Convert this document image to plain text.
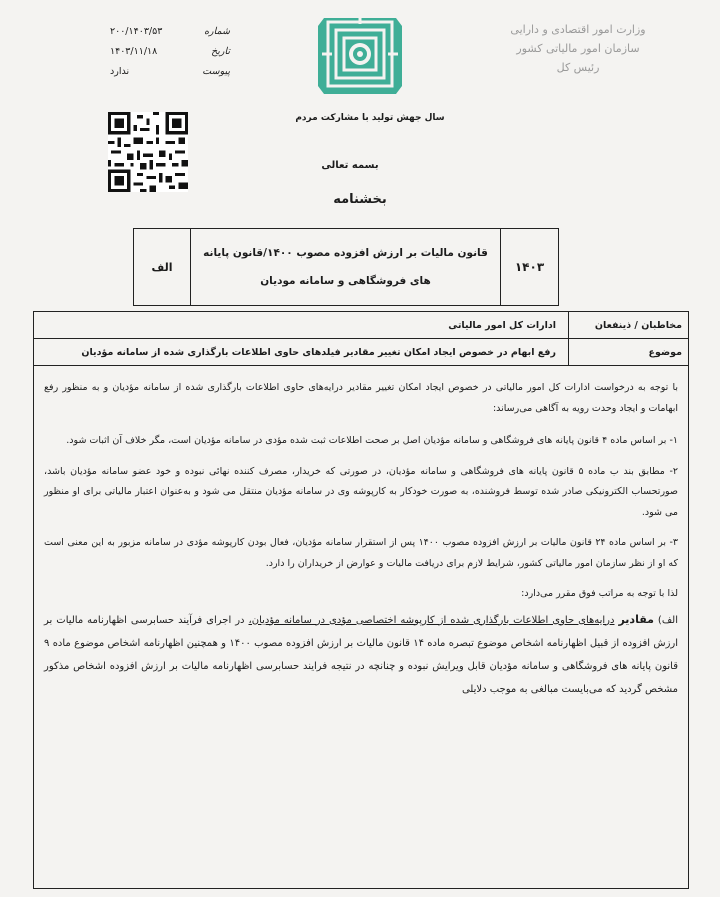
وزارت امور اقتصادی و دارایی
سازمان امور مالیاتی کشور
رئیس کل
شماره
۲۰۰/۱۴۰۳/۵۳
تاریخ
۱۴۰۳/۱۱/۱۸
پیوست
ندارد
سال جهش تولید با مشارکت مردم
بسمه تعالی
بخشنامه
۱۴۰۳
قانون مالیات بر ارزش افزوده مصوب ۱۴۰۰/قانون پایانه های فروشگاهی و سامانه مودیان
الف
مخاطبان / ذینفعان
ادارات کل امور مالیاتی
موضوع
رفع ابهام در خصوص ایجاد امکان تغییر مقادیر فیلدهای حاوی اطلاعات بارگذاری شده از سامانه مؤدیان

با توجه به درخواست ادارات کل امور مالیاتی در خصوص ایجاد امکان تغییر مقادیر درایه‌های حاوی اطلاعات بارگذاری شده از سامانه مؤدیان و به منظور رفع ابهامات و ایجاد وحدت رویه به آگاهی می‌رساند:

۱- بر اساس ماده ۴ قانون پایانه های فروشگاهی و سامانه مؤدیان اصل بر صحت اطلاعات ثبت شده مؤدی در سامانه مؤدیان است، مگر خلاف آن اثبات شود.

۲- مطابق بند ب ماده ۵ قانون پایانه های فروشگاهی و سامانه مؤدیان، در صورتی که خریدار، مصرف کننده نهائی نبوده و خود عضو سامانه مؤدیان باشد، صورتحساب الکترونیکی صادر شده توسط فروشنده، به صورت خودکار به کارپوشه وی در سامانه مؤدیان منتقل می شود و به‌عنوان اعتبار مالیاتی برای او منظور می شود.

۳- بر اساس ماده ۲۴ قانون مالیات بر ارزش افزوده مصوب ۱۴۰۰ پس از استقرار سامانه مؤدیان، فعال بودن کارپوشه مؤدی در سامانه مزبور به این معنی است که او از نظر سازمان امور مالیاتی کشور، شرایط لازم برای دریافت مالیات و عوارض از خریداران را دارد.

لذا با توجه به مراتب فوق مقرر می‌دارد:

الف) مقادیر درایه‌های حاوی اطلاعات بارگذاری شده از کارپوشه اختصاصی مؤدی در سامانه مؤدیان، در اجرای فرآیند حسابرسی اظهارنامه مالیات بر ارزش افزوده از قبیل اظهارنامه اشخاص موضوع تبصره ماده ۱۴ قانون مالیات بر ارزش افزوده مصوب ۱۴۰۰ و همچنین اظهارنامه اشخاص موضوع ماده ۹ قانون پایانه های فروشگاهی و سامانه مؤدیان قابل ویرایش نبوده و چنانچه در نتیجه فرایند حسابرسی اظهارنامه مالیات بر ارزش افزوده اشخاص مذکور مشخص گردید که می‌بایست مبالغی به موجب دلایلی
